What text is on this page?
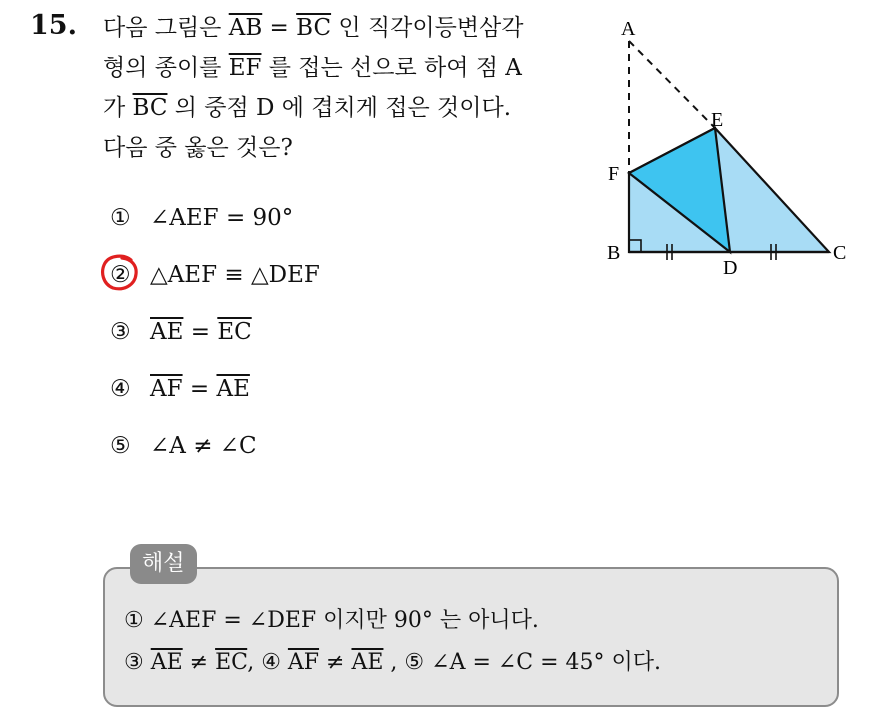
15. 다음 그림은 $\overline{AB} = \overline{BC}$ 인 직각이등변삼각
형의 종이를 $\overline{EF}$ 를 접는 선으로 하여 점 A
가 $\overline{BC}$ 의 중점 D 에 겹치게 접은 것이다.
다음 중 옳은 것은?
① ∠AEF = 90°
② △AEF ≡ △DEF
③ $\overline{AE} = \overline{EC}$
④ $\overline{AF} = \overline{AE}$
⑤ ∠A ≠ ∠C
A
E
F
B
D
C
해설
① ∠AEF = ∠DEF 이지만 90° 는 아니다.
③ $\overline{AE} \ne \overline{EC}$, ④ $\overline{AF} \ne \overline{AE}$ , ⑤ ∠A = ∠C = 45° 이다.
